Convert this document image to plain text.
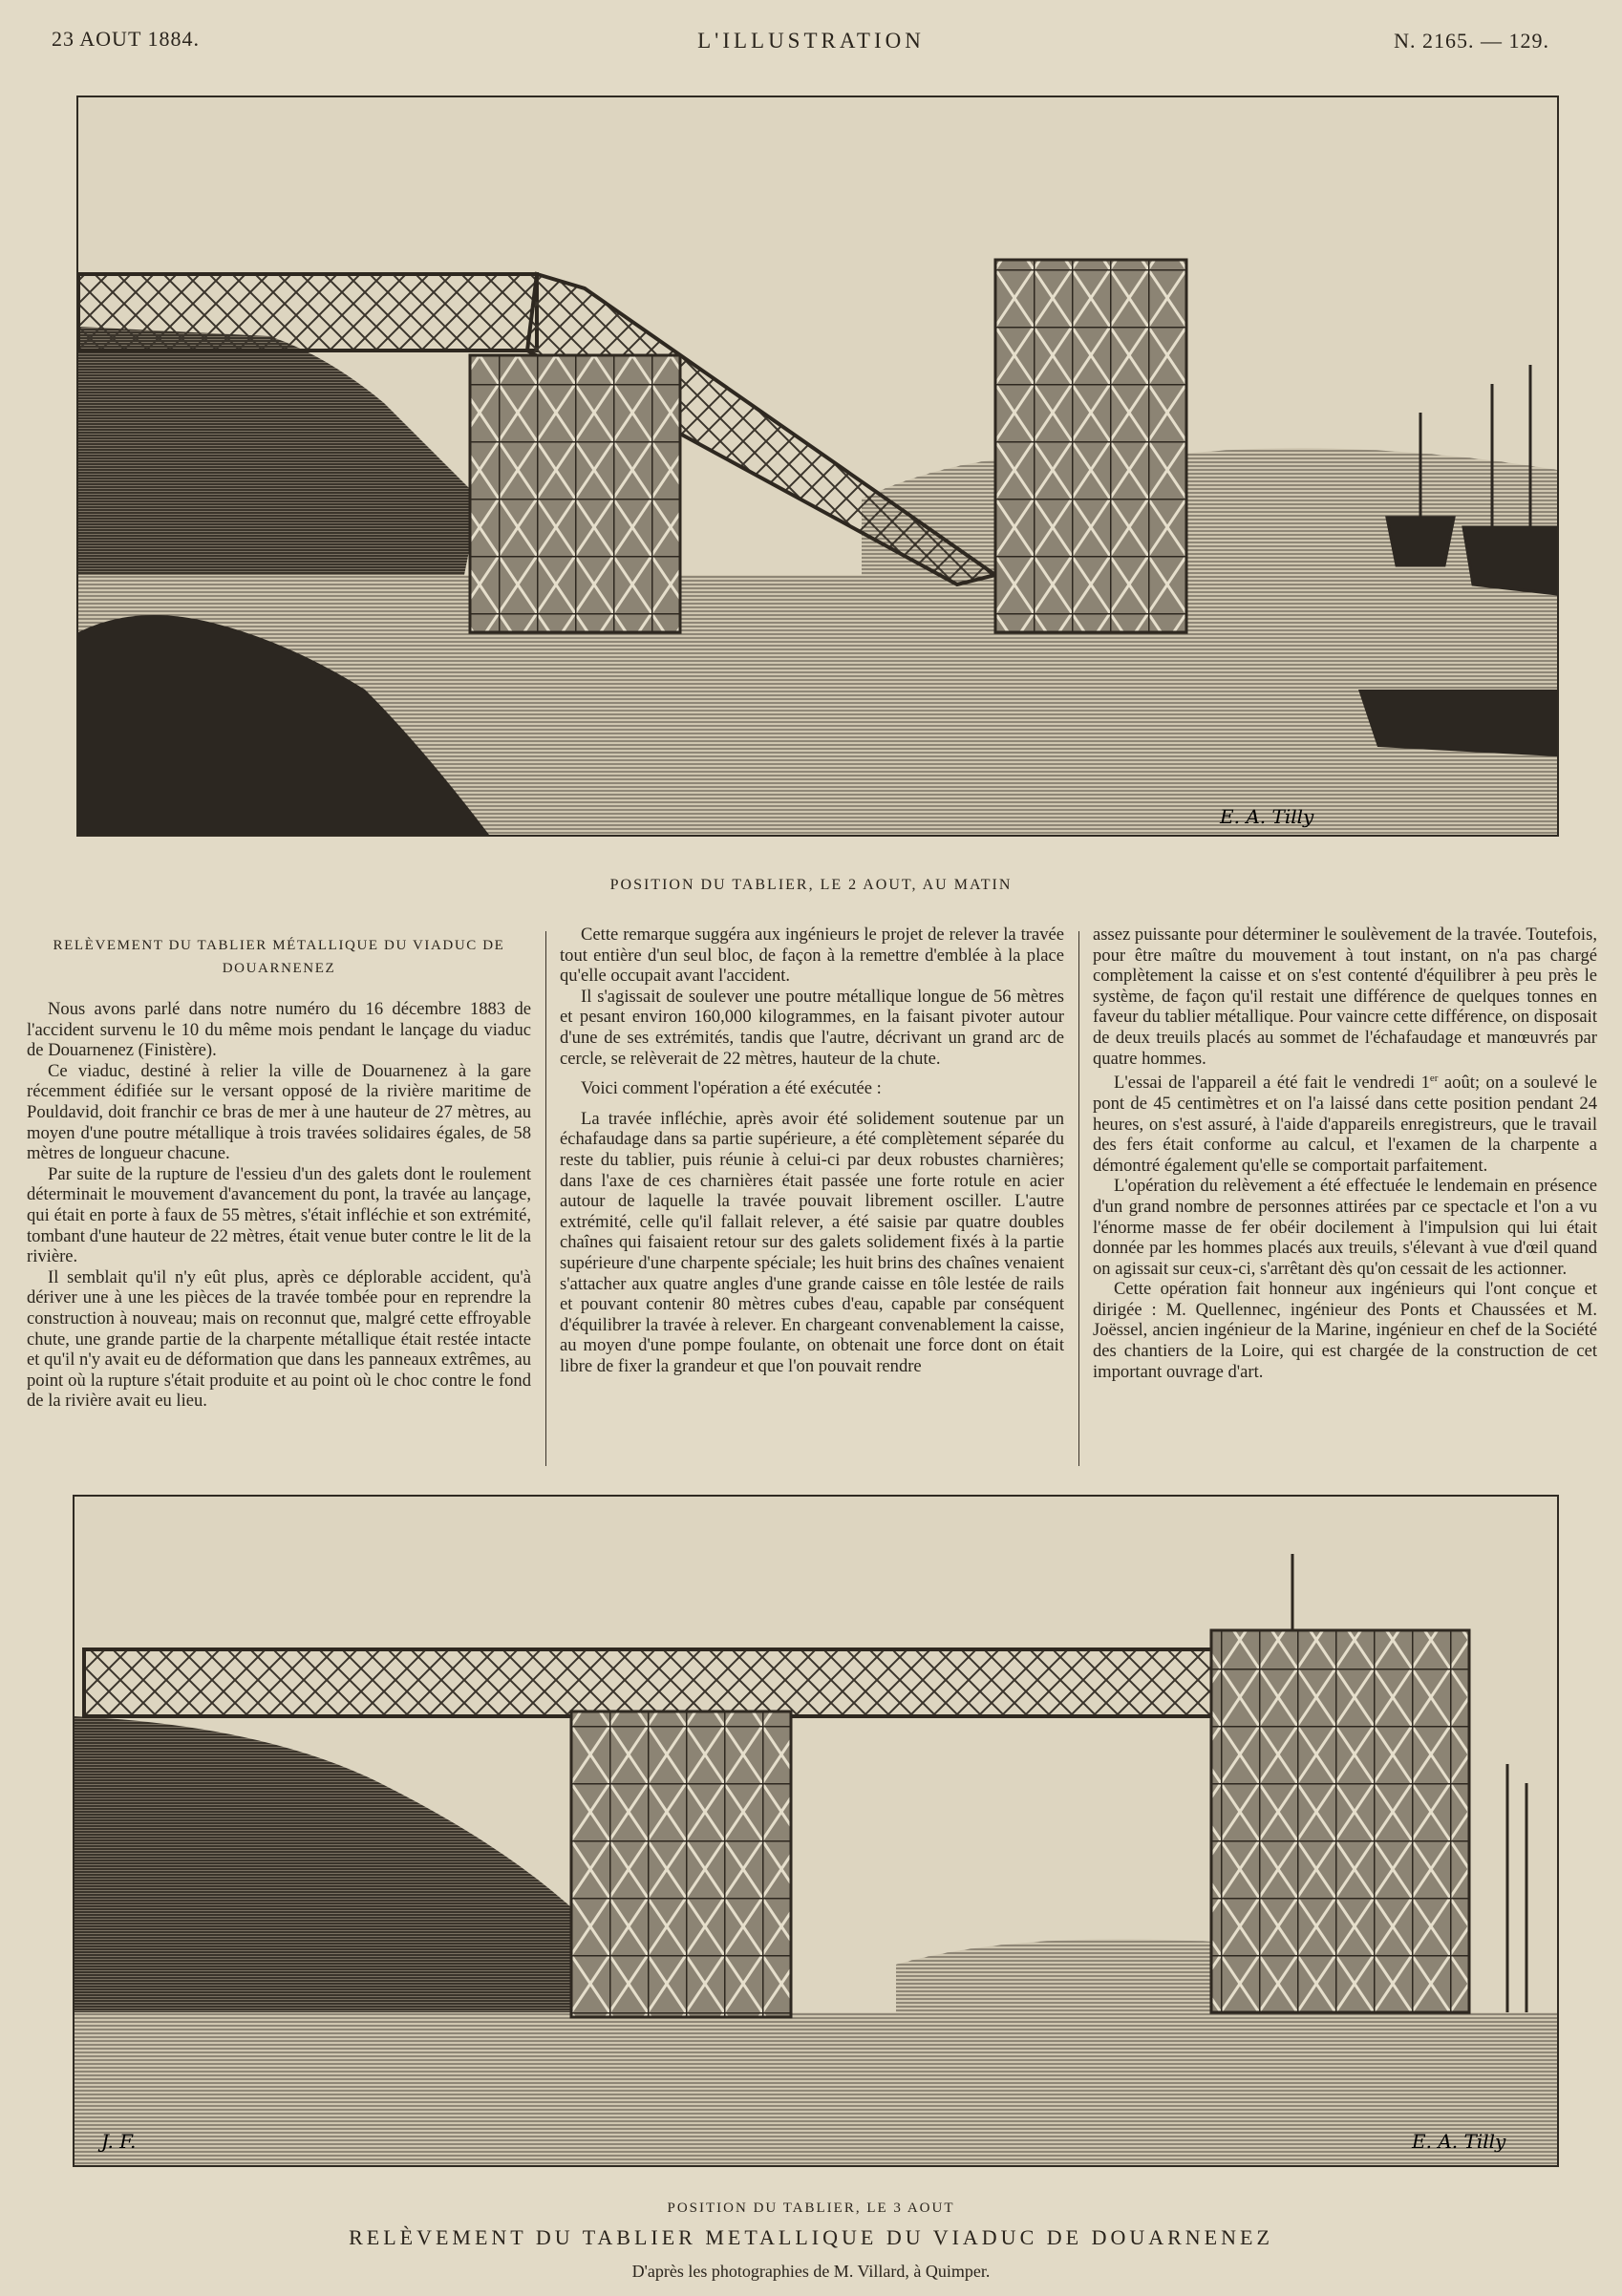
23 AOUT 1884.	L'ILLUSTRATION	N. 2165. — 129.
E. A. Tilly
POSITION DU TABLIER, LE 2 AOUT, AU MATIN
RELÈVEMENT DU TABLIER MÉTALLIQUE DU VIADUC DE DOUARNENEZ

Nous avons parlé dans notre numéro du 16 décembre 1883 de l'accident survenu le 10 du même mois pendant le lançage du viaduc de Douarnenez (Finistère).

Ce viaduc, destiné à relier la ville de Douarnenez à la gare récemment édifiée sur le versant opposé de la rivière maritime de Pouldavid, doit franchir ce bras de mer à une hauteur de 27 mètres, au moyen d'une poutre métallique à trois travées solidaires égales, de 58 mètres de longueur chacune.

Par suite de la rupture de l'essieu d'un des galets dont le roulement déterminait le mouvement d'avancement du pont, la travée au lançage, qui était en porte à faux de 55 mètres, s'était infléchie et son extrémité, tombant d'une hauteur de 22 mètres, était venue buter contre le lit de la rivière.

Il semblait qu'il n'y eût plus, après ce déplorable accident, qu'à dériver une à une les pièces de la travée tombée pour en reprendre la construction à nouveau; mais on reconnut que, malgré cette effroyable chute, une grande partie de la charpente métallique était restée intacte et qu'il n'y avait eu de déformation que dans les panneaux extrêmes, au point où la rupture s'était produite et au point où le choc contre le fond de la rivière avait eu lieu.

Cette remarque suggéra aux ingénieurs le projet de relever la travée tout entière d'un seul bloc, de façon à la remettre d'emblée à la place qu'elle occupait avant l'accident.

Il s'agissait de soulever une poutre métallique longue de 56 mètres et pesant environ 160,000 kilogrammes, en la faisant pivoter autour d'une de ses extrémités, tandis que l'autre, décrivant un grand arc de cercle, se relèverait de 22 mètres, hauteur de la chute.

Voici comment l'opération a été exécutée :

La travée infléchie, après avoir été solidement soutenue par un échafaudage dans sa partie supérieure, a été complètement séparée du reste du tablier, puis réunie à celui-ci par deux robustes charnières; dans l'axe de ces charnières était passée une forte rotule en acier autour de laquelle la travée pouvait librement osciller. L'autre extrémité, celle qu'il fallait relever, a été saisie par quatre doubles chaînes qui faisaient retour sur des galets solidement fixés à la partie supérieure d'une charpente spéciale; les huit brins des chaînes venaient s'attacher aux quatre angles d'une grande caisse en tôle lestée de rails et pouvant contenir 80 mètres cubes d'eau, capable par conséquent d'équilibrer la travée à relever. En chargeant convenablement la caisse, au moyen d'une pompe foulante, on obtenait une force dont on était libre de fixer la grandeur et que l'on pouvait rendre

assez puissante pour déterminer le soulèvement de la travée. Toutefois, pour être maître du mouvement à tout instant, on n'a pas chargé complètement la caisse et on s'est contenté d'équilibrer à peu près le système, de façon qu'il restait une différence de quelques tonnes en faveur du tablier métallique. Pour vaincre cette différence, on disposait de deux treuils placés au sommet de l'échafaudage et manœuvrés par quatre hommes.

L'essai de l'appareil a été fait le vendredi 1er août; on a soulevé le pont de 45 centimètres et on l'a laissé dans cette position pendant 24 heures, on s'est assuré, à l'aide d'appareils enregistreurs, que le travail des fers était conforme au calcul, et l'examen de la charpente a démontré également qu'elle se comportait parfaitement.

L'opération du relèvement a été effectuée le lendemain en présence d'un grand nombre de personnes attirées par ce spectacle et l'on a vu l'énorme masse de fer obéir docilement à l'impulsion qui lui était donnée par les hommes placés aux treuils, s'élevant à vue d'œil quand on agissait sur ceux-ci, s'arrêtant dès qu'on cessait de les actionner.

Cette opération fait honneur aux ingénieurs qui l'ont conçue et dirigée : M. Quellennec, ingénieur des Ponts et Chaussées et M. Joëssel, ancien ingénieur de la Marine, ingénieur en chef de la Société des chantiers de la Loire, qui est chargée de la construction de cet important ouvrage d'art.

J. F.	E. A. Tilly
POSITION DU TABLIER, LE 3 AOUT
RELÈVEMENT DU TABLIER METALLIQUE DU VIADUC DE DOUARNENEZ
D'après les photographies de M. Villard, à Quimper.
